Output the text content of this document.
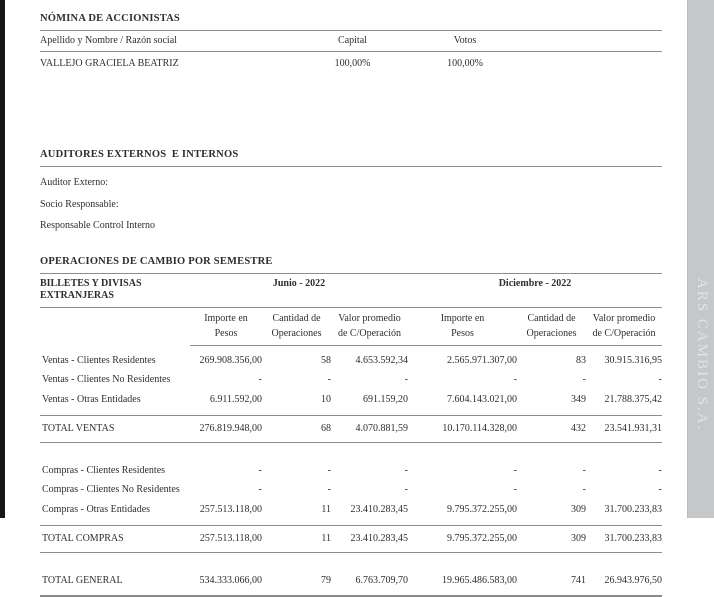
NÓMINA DE ACCIONISTAS
Apellido y Nombre / Razón social	Capital	Votos
VALLEJO GRACIELA BEATRIZ	100,00%	100,00%
AUDITORES EXTERNOS  E INTERNOS
Auditor Externo:
Socio Responsable:
Responsable Control Interno
OPERACIONES DE CAMBIO POR SEMESTRE
BILLETES Y DIVISAS EXTRANJERAS
Junio - 2022	Diciembre - 2022
Importe en	Cantidad de	Valor promedio	Importe en	Cantidad de	Valor promedio
Pesos	Operaciones	de C/Operación	Pesos	Operaciones	de C/Operación
Ventas - Clientes Residentes	269.908.356,00	58	4.653.592,34	2.565.971.307,00	83	30.915.316,95
Ventas - Clientes No Residentes	-	-	-	-	-	-
Ventas - Otras Entidades	6.911.592,00	10	691.159,20	7.604.143.021,00	349	21.788.375,42
TOTAL VENTAS	276.819.948,00	68	4.070.881,59	10.170.114.328,00	432	23.541.931,31
Compras - Clientes Residentes	-	-	-	-	-	-
Compras - Clientes No Residentes	-	-	-	-	-	-
Compras - Otras Entidades	257.513.118,00	11	23.410.283,45	9.795.372.255,00	309	31.700.233,83
TOTAL COMPRAS	257.513.118,00	11	23.410.283,45	9.795.372.255,00	309	31.700.233,83
TOTAL GENERAL	534.333.066,00	79	6.763.709,70	19.965.486.583,00	741	26.943.976,50
ARS CAMBIO S.A.
